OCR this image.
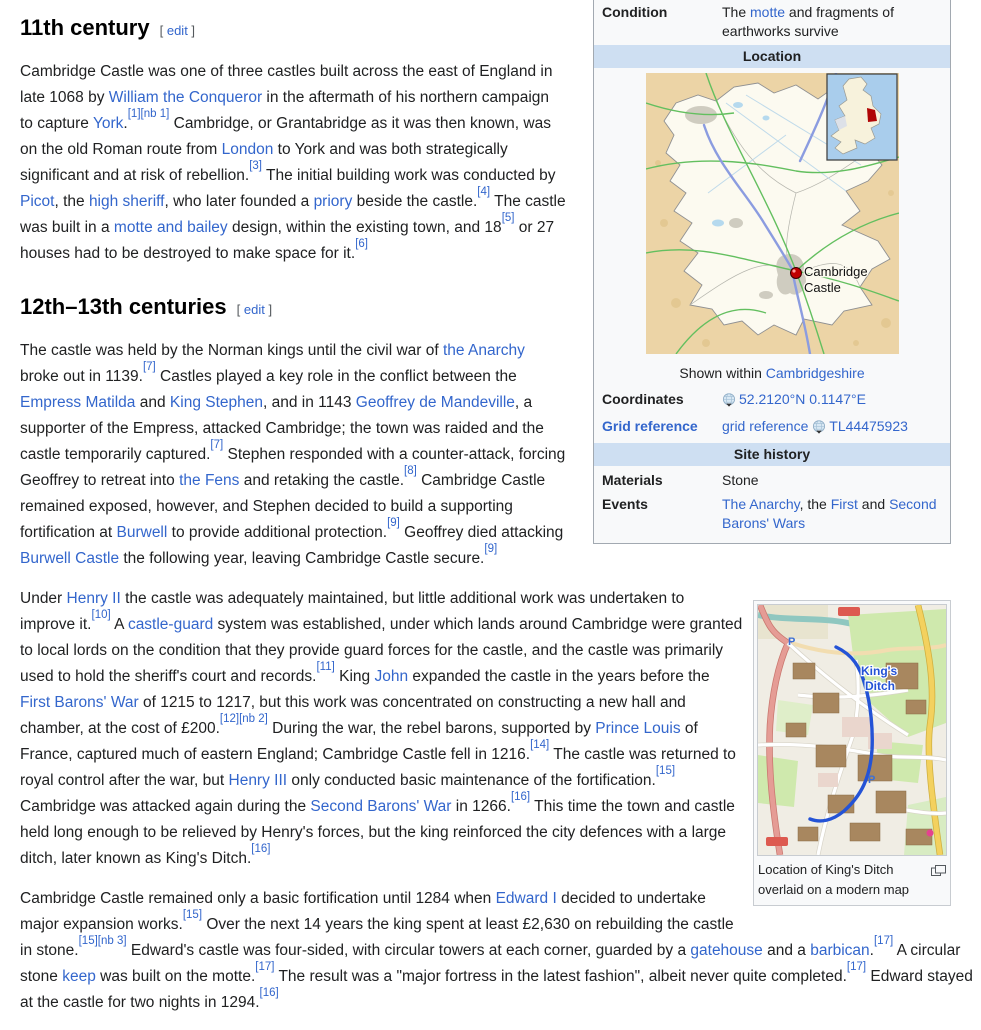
Condition	The motte and fragments of earthworks survive
Location
Cambridge
Castle
Shown within Cambridgeshire
Coordinates	52.2120°N 0.1147°E
Grid reference	grid reference TL44475923
Site history
Materials	Stone
Events	The Anarchy, the First and Second Barons' Wars
11th century [ edit ]

Cambridge Castle was one of three castles built across the east of England in late 1068 by William the Conqueror in the aftermath of his northern campaign to capture York.[1][nb 1] Cambridge, or Grantabridge as it was then known, was on the old Roman route from London to York and was both strategically significant and at risk of rebellion.[3] The initial building work was conducted by Picot, the high sheriff, who later founded a priory beside the castle.[4] The castle was built in a motte and bailey design, within the existing town, and 18[5] or 27 houses had to be destroyed to make space for it.[6]

12th–13th centuries [ edit ]

The castle was held by the Norman kings until the civil war of the Anarchy broke out in 1139.[7] Castles played a key role in the conflict between the Empress Matilda and King Stephen, and in 1143 Geoffrey de Mandeville, a supporter of the Empress, attacked Cambridge; the town was raided and the castle temporarily captured.[7] Stephen responded with a counter-attack, forcing Geoffrey to retreat into the Fens and retaking the castle.[8] Cambridge Castle remained exposed, however, and Stephen decided to build a supporting fortification at Burwell to provide additional protection.[9] Geoffrey died attacking Burwell Castle the following year, leaving Cambridge Castle secure.[9]

King's
Ditch
P
P
Location of King's Ditch overlaid on a modern map

Under Henry II the castle was adequately maintained, but little additional work was undertaken to improve it.[10] A castle-guard system was established, under which lands around Cambridge were granted to local lords on the condition that they provide guard forces for the castle, and the castle was primarily used to hold the sheriff's court and records.[11] King John expanded the castle in the years before the First Barons' War of 1215 to 1217, but this work was concentrated on constructing a new hall and chamber, at the cost of £200.[12][nb 2] During the war, the rebel barons, supported by Prince Louis of France, captured much of eastern England; Cambridge Castle fell in 1216.[14] The castle was returned to royal control after the war, but Henry III only conducted basic maintenance of the fortification.[15] Cambridge was attacked again during the Second Barons' War in 1266.[16] This time the town and castle held long enough to be relieved by Henry's forces, but the king reinforced the city defences with a large ditch, later known as King's Ditch.[16]

Cambridge Castle remained only a basic fortification until 1284 when Edward I decided to undertake major expansion works.[15] Over the next 14 years the king spent at least £2,630 on rebuilding the castle in stone.[15][nb 3] Edward's castle was four-sided, with circular towers at each corner, guarded by a gatehouse and a barbican.[17] A circular stone keep was built on the motte.[17] The result was a "major fortress in the latest fashion", albeit never quite completed.[17] Edward stayed at the castle for two nights in 1294.[16]
